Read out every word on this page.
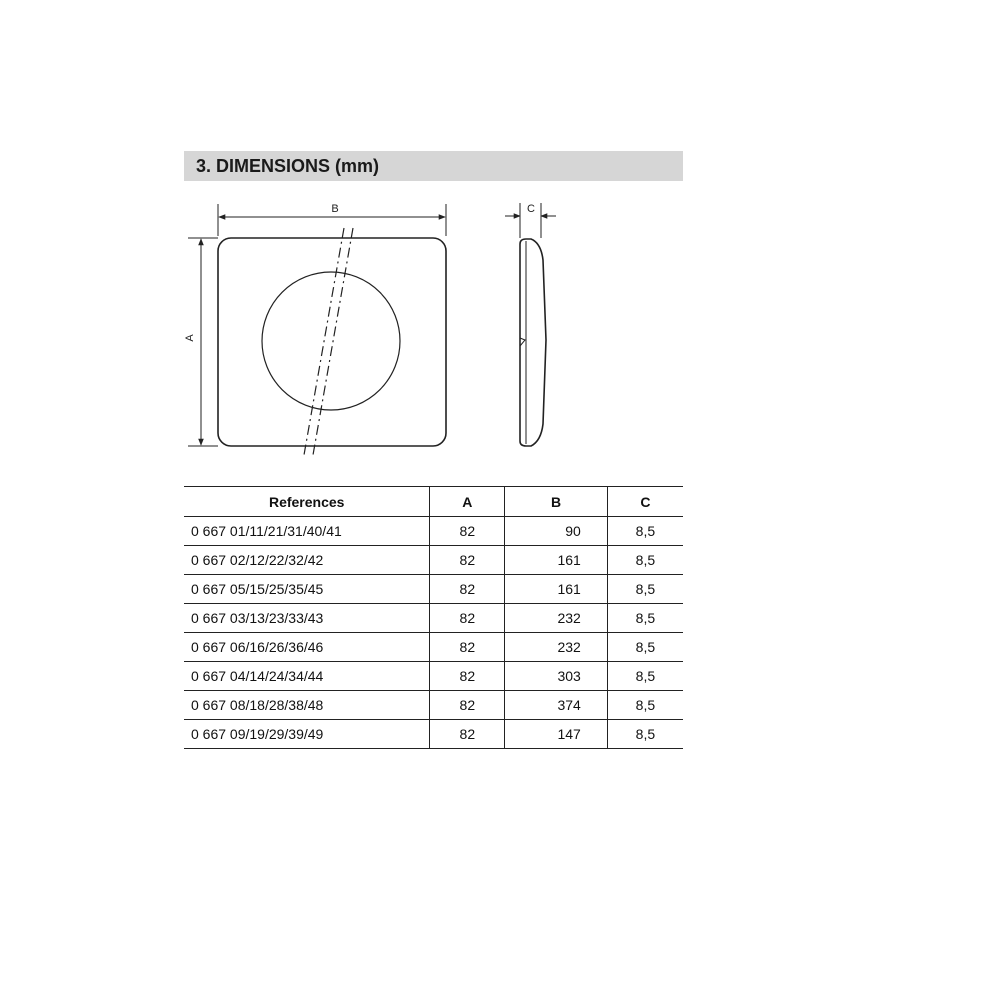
3. DIMENSIONS (mm)
B
A
C
References	A	B	C
0 667 01/11/21/31/40/41	82	90	8,5
0 667 02/12/22/32/42	82	161	8,5
0 667 05/15/25/35/45	82	161	8,5
0 667 03/13/23/33/43	82	232	8,5
0 667 06/16/26/36/46	82	232	8,5
0 667 04/14/24/34/44	82	303	8,5
0 667 08/18/28/38/48	82	374	8,5
0 667 09/19/29/39/49	82	147	8,5
